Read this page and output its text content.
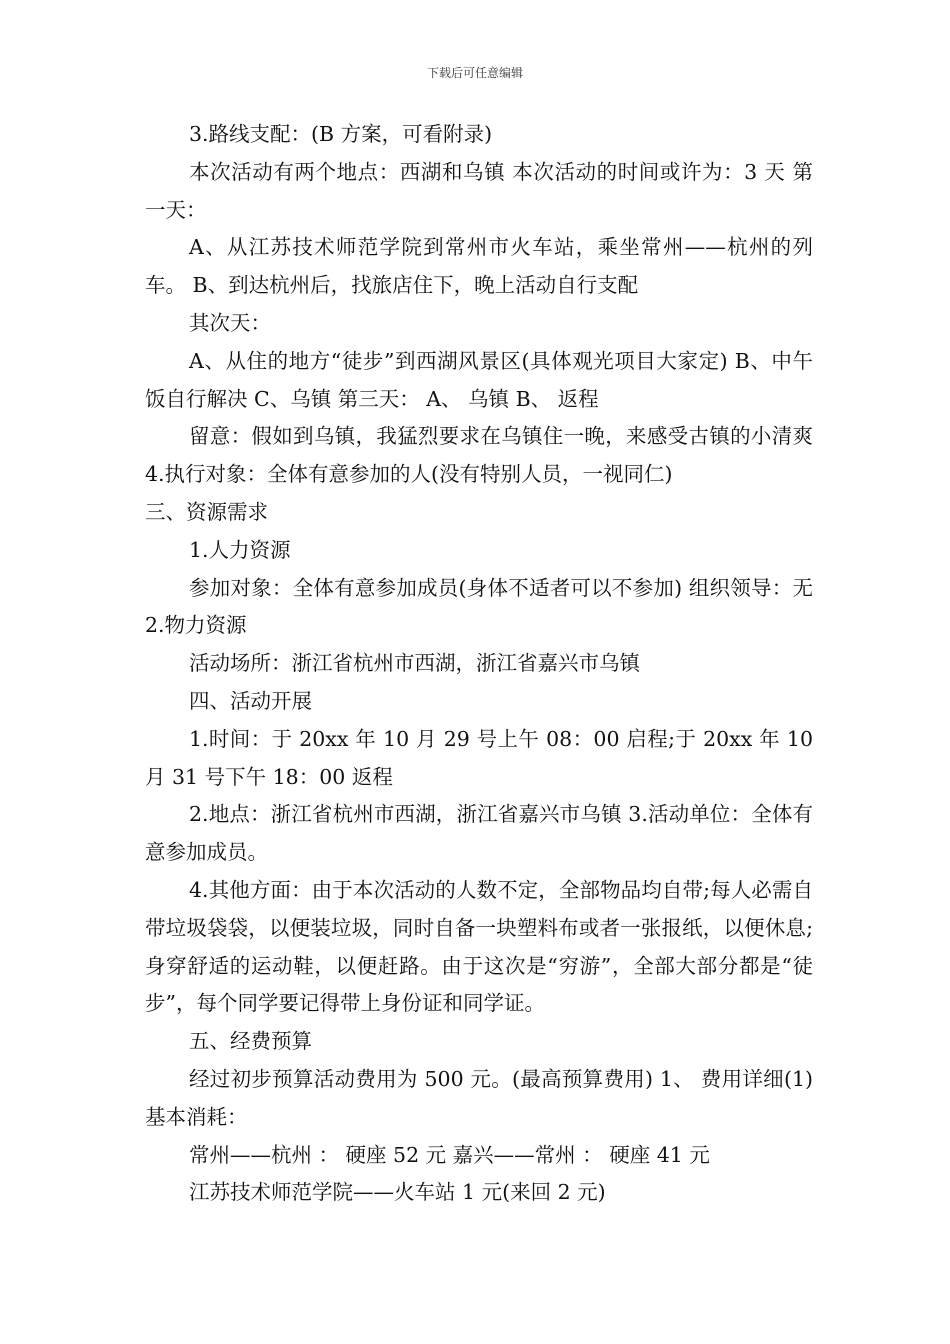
下载后可任意编辑

3.路线支配：(B 方案，可看附录)

本次活动有两个地点：西湖和乌镇 本次活动的时间或许为：3 天 第一天：

A、从江苏技术师范学院到常州市火车站，乘坐常州——杭州的列车。 B、到达杭州后，找旅店住下，晚上活动自行支配

其次天：

A、从住的地方“徒步”到西湖风景区(具体观光项目大家定) B、中午饭自行解决 C、乌镇 第三天： A、 乌镇 B、 返程

留意：假如到乌镇，我猛烈要求在乌镇住一晚，来感受古镇的小清爽 4.执行对象：全体有意参加的人(没有特别人员，一视同仁)

三、资源需求

1.人力资源

参加对象：全体有意参加成员(身体不适者可以不参加) 组织领导：无 2.物力资源

活动场所：浙江省杭州市西湖，浙江省嘉兴市乌镇

四、活动开展

1.时间：于 20xx 年 10 月 29 号上午 08：00 启程;于 20xx 年 10 月 31 号下午 18：00 返程

2.地点：浙江省杭州市西湖，浙江省嘉兴市乌镇 3.活动单位：全体有意参加成员。

4.其他方面：由于本次活动的人数不定，全部物品均自带;每人必需自带垃圾袋袋，以便装垃圾，同时自备一块塑料布或者一张报纸，以便休息;身穿舒适的运动鞋，以便赶路。由于这次是“穷游”，全部大部分都是“徒步”，每个同学要记得带上身份证和同学证。

五、经费预算

经过初步预算活动费用为 500 元。(最高预算费用) 1、 费用详细(1)基本消耗：

常州——杭州 ： 硬座 52 元 嘉兴——常州 ： 硬座 41 元

江苏技术师范学院——火车站 1 元(来回 2 元)
